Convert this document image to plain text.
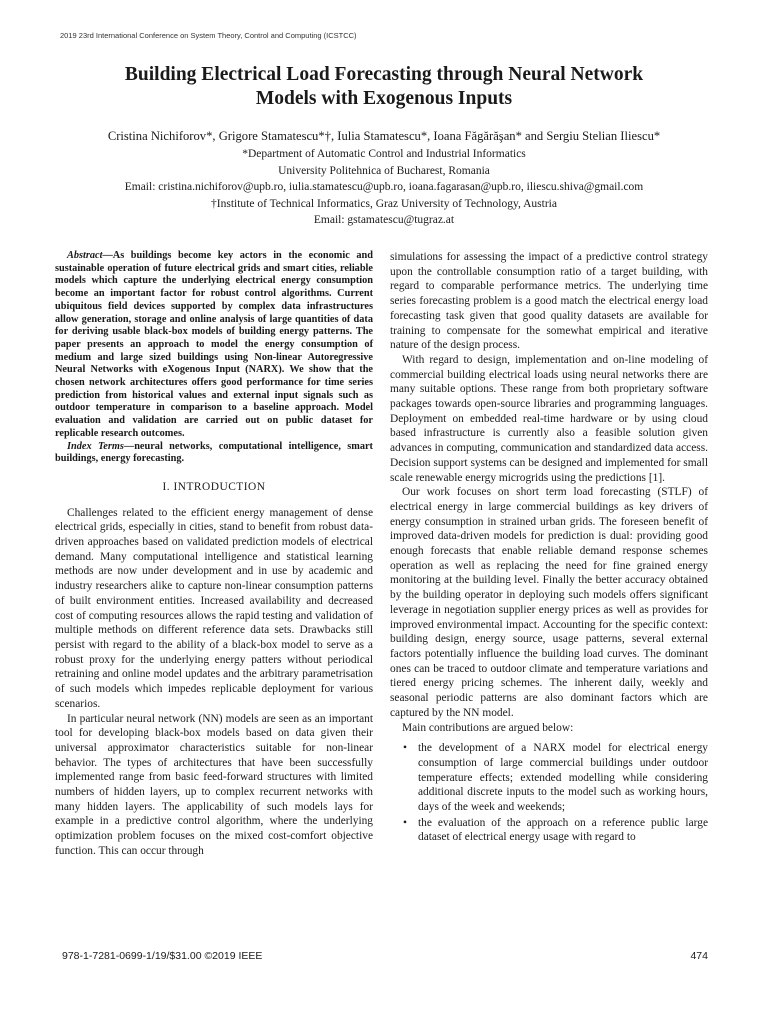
2019 23rd International Conference on System Theory, Control and Computing (ICSTCC)
Building Electrical Load Forecasting through Neural Network
Models with Exogenous Inputs
Cristina Nichiforov*, Grigore Stamatescu*†, Iulia Stamatescu*, Ioana Făgărăşan* and Sergiu Stelian Iliescu*
*Department of Automatic Control and Industrial Informatics
University Politehnica of Bucharest, Romania
Email: cristina.nichiforov@upb.ro, iulia.stamatescu@upb.ro, ioana.fagarasan@upb.ro, iliescu.shiva@gmail.com
†Institute of Technical Informatics, Graz University of Technology, Austria
Email: gstamatescu@tugraz.at

Abstract—As buildings become key actors in the economic and sustainable operation of future electrical grids and smart cities, reliable models which capture the underlying electrical energy consumption become an important factor for robust control algorithms. Current ubiquitous field devices supported by complex data infrastructures allow generation, storage and online analysis of large quantities of data for deriving usable black-box models of building energy patterns. The paper presents an approach to model the energy consumption of medium and large sized buildings using Non-linear Autoregressive Neural Networks with eXogenous Input (NARX). We show that the chosen network architectures offers good performance for time series prediction from historical values and external input signals such as outdoor temperature in comparison to a baseline approach. Model evaluation and validation are carried out on public dataset for replicable research outcomes.

Index Terms—neural networks, computational intelligence, smart buildings, energy forecasting.

I. INTRODUCTION

Challenges related to the efficient energy management of dense electrical grids, especially in cities, stand to benefit from robust data-driven approaches based on validated prediction models of electrical demand. Many computational intelligence and statistical learning methods are now under development and in use by academic and industry researchers alike to capture non-linear consumption patterns of built environment entities. Increased availability and decreased cost of computing resources allows the rapid testing and validation of multiple methods on different reference data sets. Drawbacks still persist with regard to the ability of a black-box model to serve as a robust proxy for the underlying energy patters without periodical retraining and online model updates and the arbitrary parametrisation of such models which impedes replicable deployment for various scenarios.

In particular neural network (NN) models are seen as an important tool for developing black-box models based on data given their universal approximator characteristics suitable for non-linear behavior. The types of architectures that have been successfully implemented range from basic feed-forward structures with limited numbers of hidden layers, up to complex recurrent networks with many hidden layers. The applicability of such models lays for example in a predictive control algorithm, where the underlying optimization problem focuses on the mixed cost-comfort objective function. This can occur through

simulations for assessing the impact of a predictive control strategy upon the controllable consumption ratio of a target building, with regard to comparable performance metrics. The underlying time series forecasting problem is a good match the electrical energy load forecasting task given that good quality datasets are available for training to compensate for the somewhat empirical and iterative nature of the design process.

With regard to design, implementation and on-line modeling of commercial building electrical loads using neural networks there are many suitable options. These range from both proprietary software packages towards open-source libraries and programming languages. Deployment on embedded real-time hardware or by using cloud based infrastructure is currently also a feasible solution given advances in computing, communication and standardized data access. Decision support systems can be designed and implemented for small scale renewable energy microgrids using the predictions [1].

Our work focuses on short term load forecasting (STLF) of electrical energy in large commercial buildings as key drivers of energy consumption in strained urban grids. The foreseen benefit of improved data-driven models for prediction is dual: providing good enough forecasts that enable reliable demand response schemes operation as well as replacing the need for fine grained energy monitoring at the building level. Finally the better accuracy obtained by the building operator in deploying such models offers significant leverage in negotiation supplier energy prices as well as provides for improved environmental impact. Accounting for the specific context: building design, energy source, usage patterns, several external factors potentially influence the building load curves. The dominant ones can be traced to outdoor climate and temperature variations and tiered energy pricing schemes. The inherent daily, weekly and seasonal periodic patterns are also dominant factors which are captured by the NN model.

Main contributions are argued below:

• the development of a NARX model for electrical energy consumption of large commercial buildings under outdoor temperature effects; extended modelling while considering additional discrete inputs to the model such as working hours, days of the week and weekends;
• the evaluation of the approach on a reference public large dataset of electrical energy usage with regard to
978-1-7281-0699-1/19/$31.00 ©2019 IEEE	474
